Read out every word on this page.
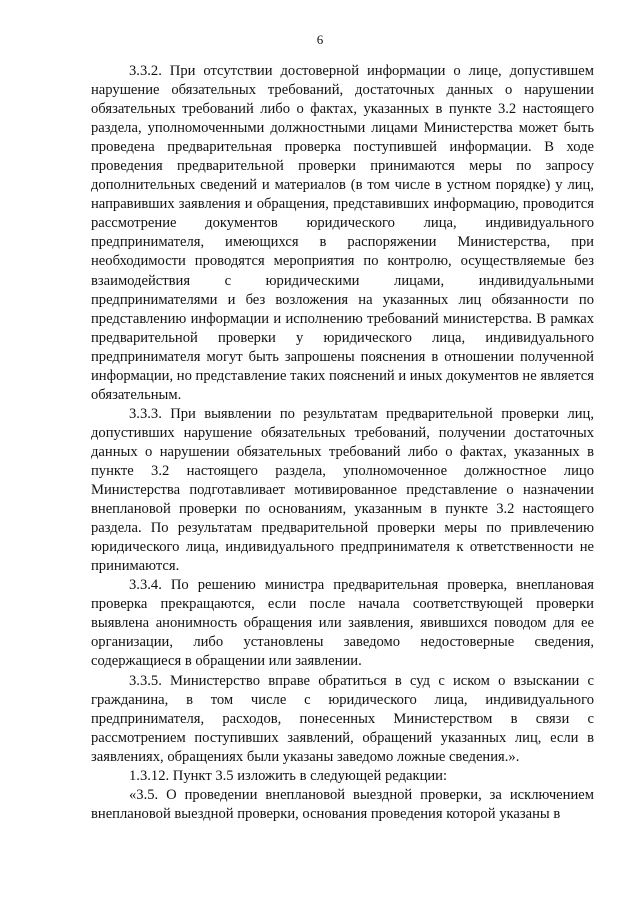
6

3.3.2. При отсутствии достоверной информации о лице, допустившем нарушение обязательных требований, достаточных данных о нарушении обязательных требований либо о фактах, указанных в пункте 3.2 настоящего раздела, уполномоченными должностными лицами Министерства может быть проведена предварительная проверка поступившей информации. В ходе проведения предварительной проверки принимаются меры по запросу дополнительных сведений и материалов (в том числе в устном порядке) у лиц, направивших заявления и обращения, представивших информацию, проводится рассмотрение документов юридического лица, индивидуального предпринимателя, имеющихся в распоряжении Министерства, при необходимости проводятся мероприятия по контролю, осуществляемые без взаимодействия с юридическими лицами, индивидуальными предпринимателями и без возложения на указанных лиц обязанности по представлению информации и исполнению требований министерства. В рамках предварительной проверки у юридического лица, индивидуального предпринимателя могут быть запрошены пояснения в отношении полученной информации, но представление таких пояснений и иных документов не является обязательным.

3.3.3. При выявлении по результатам предварительной проверки лиц, допустивших нарушение обязательных требований, получении достаточных данных о нарушении обязательных требований либо о фактах, указанных в пункте 3.2 настоящего раздела, уполномоченное должностное лицо Министерства подготавливает мотивированное представление о назначении внеплановой проверки по основаниям, указанным в пункте 3.2 настоящего раздела. По результатам предварительной проверки меры по привлечению юридического лица, индивидуального предпринимателя к ответственности не принимаются.

3.3.4. По решению министра предварительная проверка, внеплановая проверка прекращаются, если после начала соответствующей проверки выявлена анонимность обращения или заявления, явившихся поводом для ее организации, либо установлены заведомо недостоверные сведения, содержащиеся в обращении или заявлении.

3.3.5. Министерство вправе обратиться в суд с иском о взыскании с гражданина, в том числе с юридического лица, индивидуального предпринимателя, расходов, понесенных Министерством в связи с рассмотрением поступивших заявлений, обращений указанных лиц, если в заявлениях, обращениях были указаны заведомо ложные сведения.».

1.3.12. Пункт 3.5 изложить в следующей редакции:

«3.5. О проведении внеплановой выездной проверки, за исключением внеплановой выездной проверки, основания проведения которой указаны в
